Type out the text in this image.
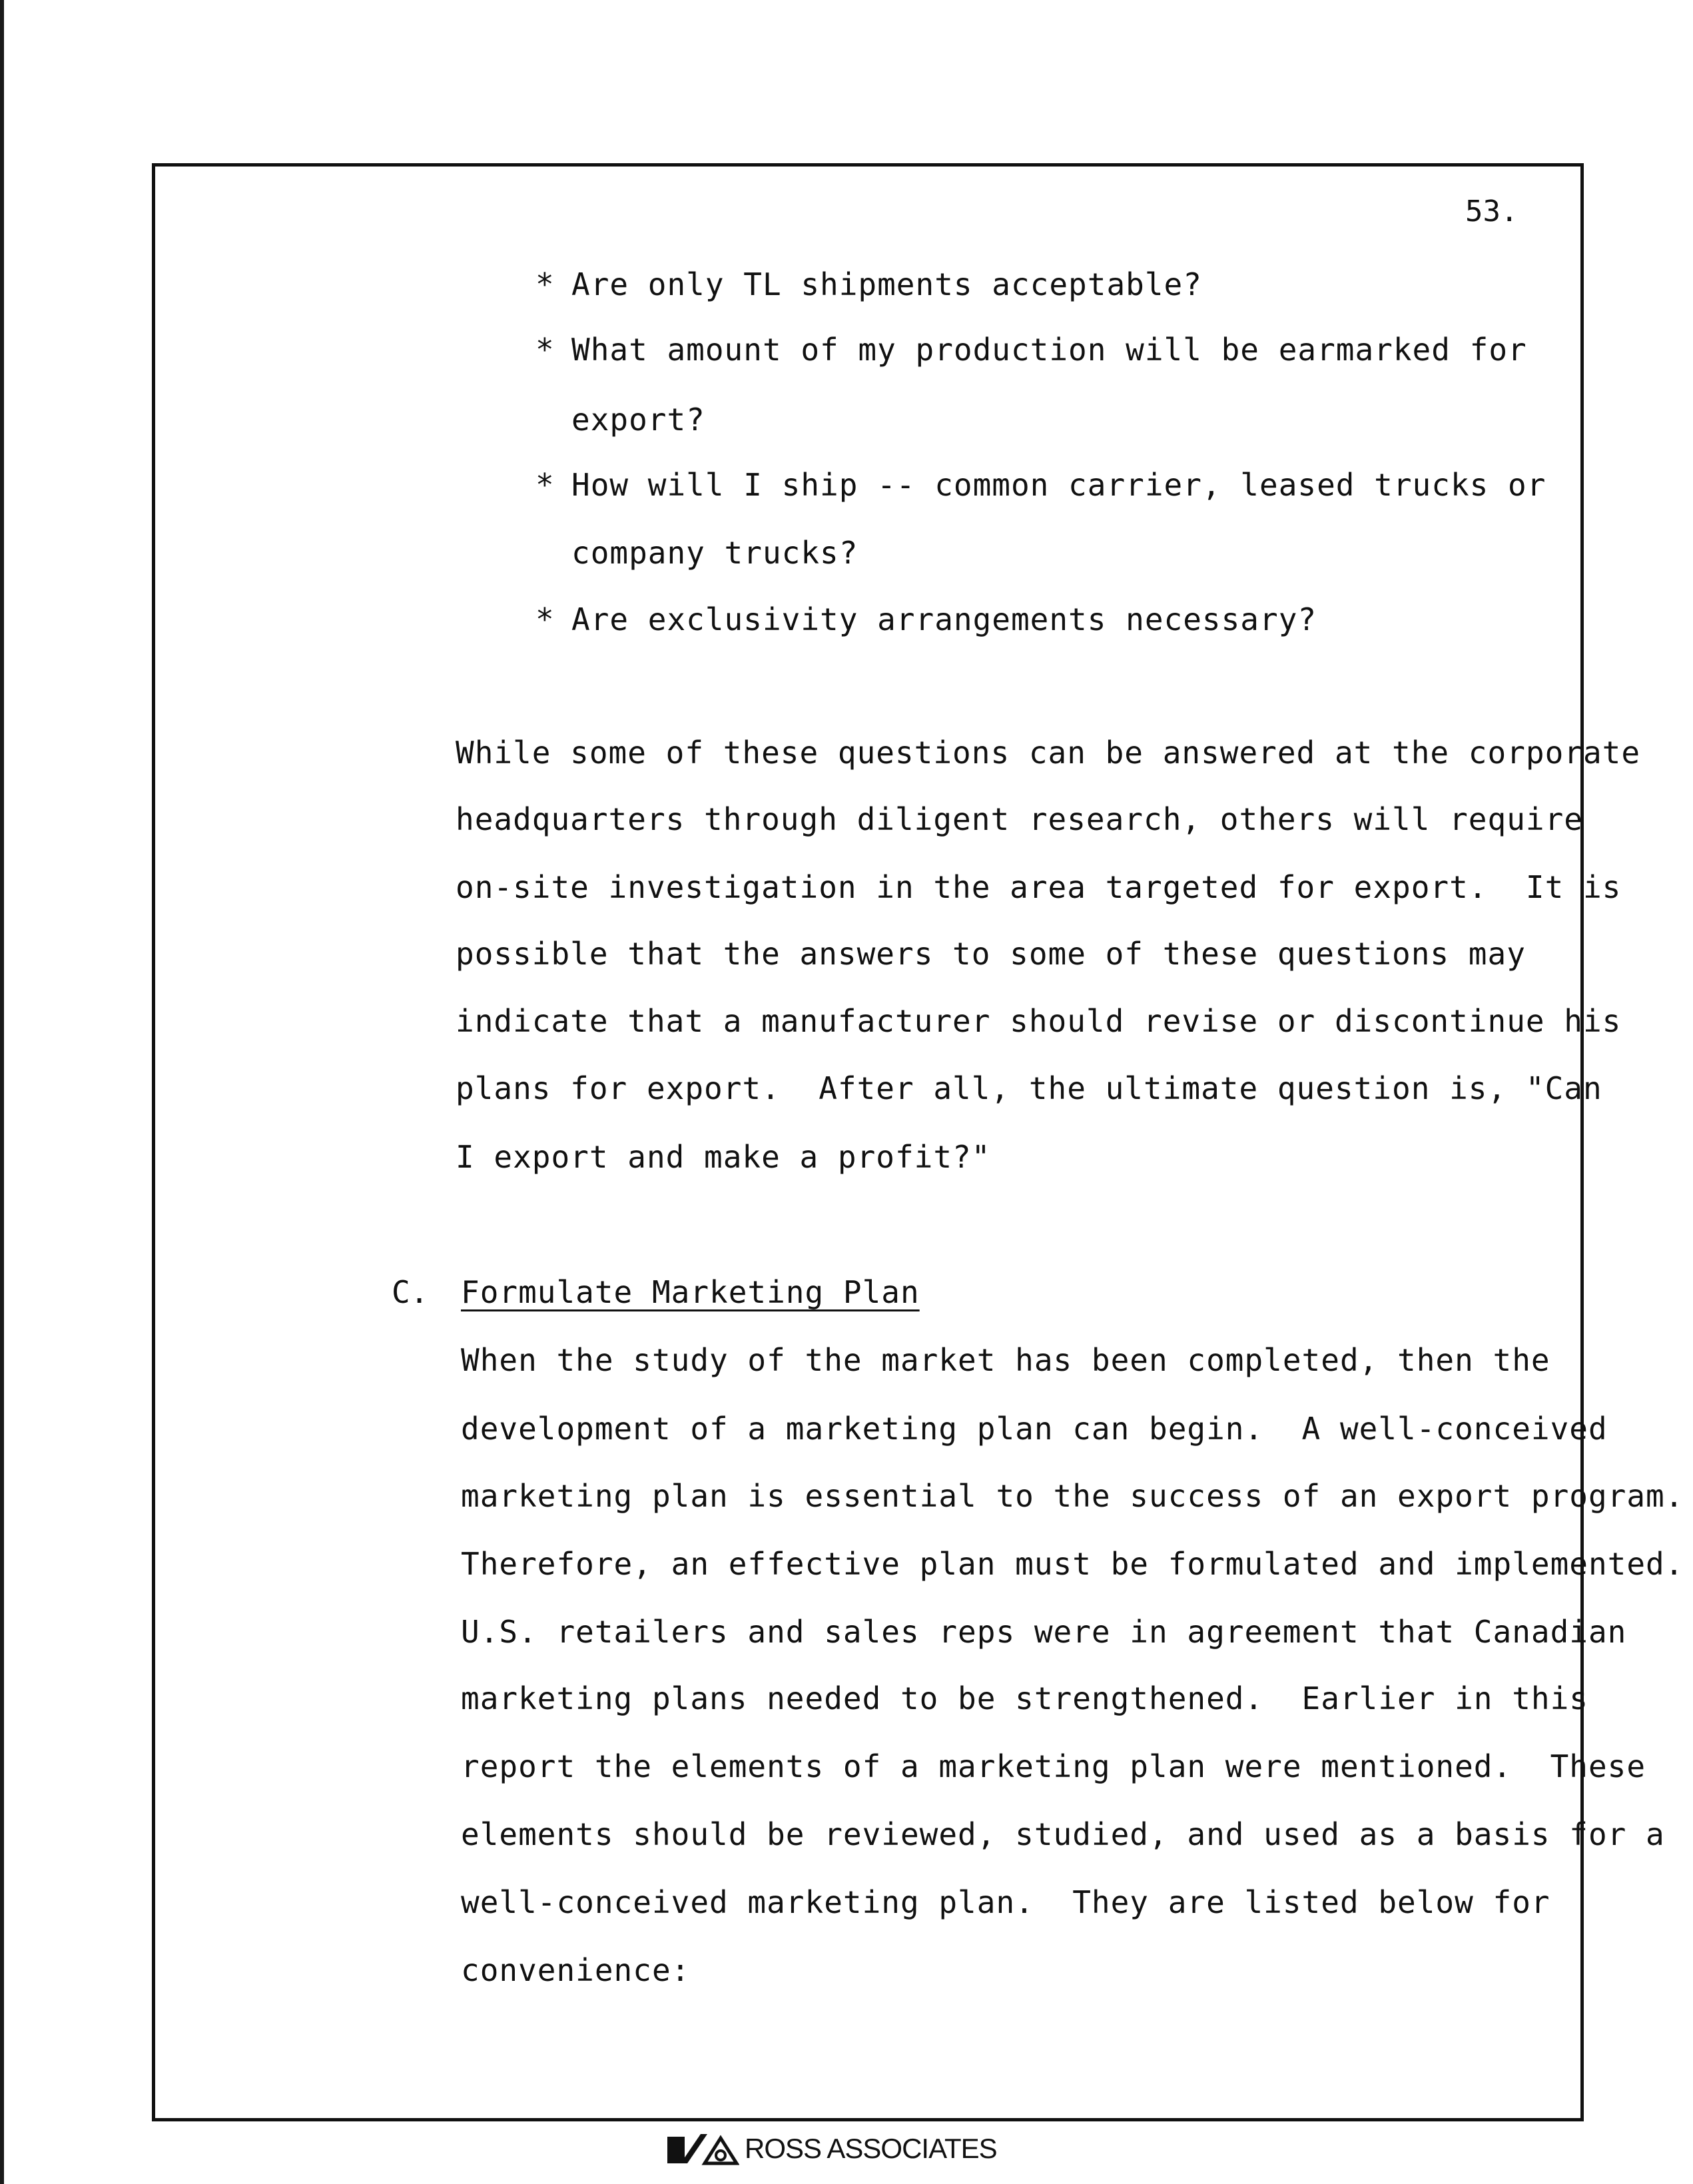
53.
* Are only TL shipments acceptable?
* What amount of my production will be earmarked for
export?
* How will I ship -- common carrier, leased trucks or
company trucks?
* Are exclusivity arrangements necessary?
While some of these questions can be answered at the corporate
headquarters through diligent research, others will require
on-site investigation in the area targeted for export.  It is
possible that the answers to some of these questions may
indicate that a manufacturer should revise or discontinue his
plans for export.  After all, the ultimate question is, "Can
I export and make a profit?"
C. Formulate Marketing Plan
When the study of the market has been completed, then the
development of a marketing plan can begin.  A well-conceived
marketing plan is essential to the success of an export program.
Therefore, an effective plan must be formulated and implemented.
U.S. retailers and sales reps were in agreement that Canadian
marketing plans needed to be strengthened.  Earlier in this
report the elements of a marketing plan were mentioned.  These
elements should be reviewed, studied, and used as a basis for a
well-conceived marketing plan.  They are listed below for
convenience:
ROSS ASSOCIATES
